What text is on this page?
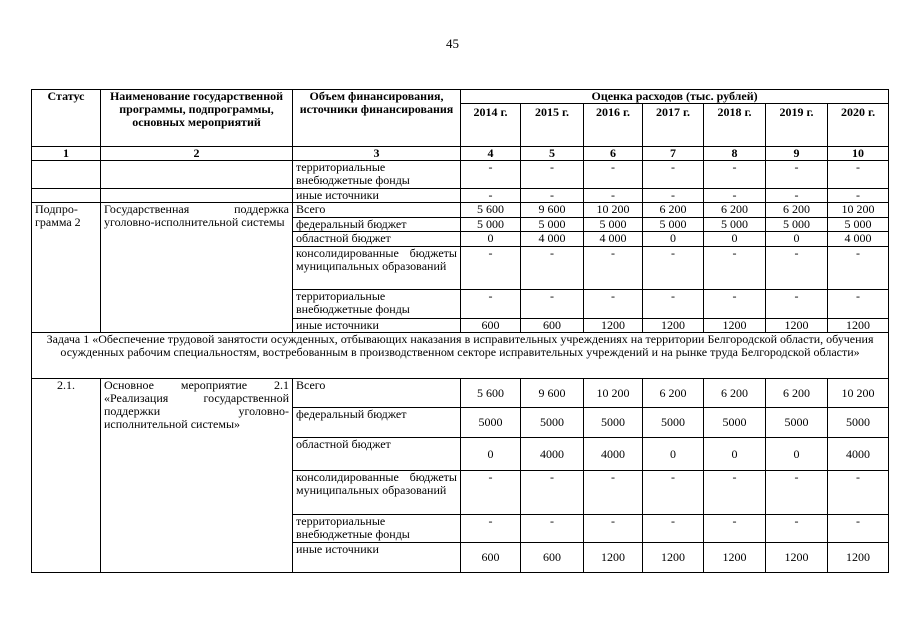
45
Статус	Наименование государственной программы, подпрограммы, основных мероприятий	Объем финансирования, источники финансирования	Оценка расходов (тыс. рублей)						
			2014 г.	2015 г.	2016 г.	2017 г.	2018 г.	2019 г.	2020 г.
1	2	3	4	5	6	7	8	9	10
		территориальные внебюджетные фонды	-	-	-	-	-	-	-
		иные источники	-	-	-	-	-	-	-
Подпро-грамма 2	Государственная поддержка уголовно-исполнительной системы	Всего	5 600	9 600	10 200	6 200	6 200	6 200	10 200
		федеральный бюджет	5 000	5 000	5 000	5 000	5 000	5 000	5 000
		областной бюджет	0	4 000	4 000	0	0	0	4 000
		консолидированные бюджеты муниципальных образований	-	-	-	-	-	-	-
		территориальные внебюджетные фонды	-	-	-	-	-	-	-
		иные источники	600	600	1200	1200	1200	1200	1200
Задача 1 «Обеспечение трудовой занятости осужденных, отбывающих наказания в исправительных учреждениях на территории Белгородской области, обучения осужденных рабочим специальностям, востребованным в производственном секторе исправительных учреждений и на рынке труда Белгородской области»									
2.1.	Основное мероприятие 2.1 «Реализация государственной поддержки уголовно-исполнительной системы»	Всего	5 600	9 600	10 200	6 200	6 200	6 200	10 200
		федеральный бюджет	5000	5000	5000	5000	5000	5000	5000
		областной бюджет	0	4000	4000	0	0	0	4000
		консолидированные бюджеты муниципальных образований	-	-	-	-	-	-	-
		территориальные внебюджетные фонды	-	-	-	-	-	-	-
		иные источники	600	600	1200	1200	1200	1200	1200
